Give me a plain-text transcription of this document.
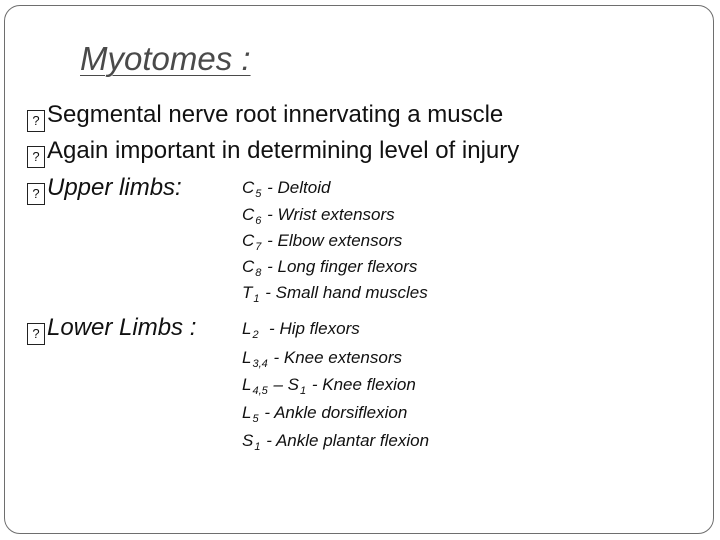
Myotomes :
? Segmental nerve root innervating a muscle
? Again important in determining level of injury
? Upper limbs:
? Lower Limbs :
$C_5$ - Deltoid
$C_6$ - Wrist extensors
$C_7$ - Elbow extensors
$C_8$ - Long finger flexors
$T_1$ - Small hand muscles
$L_2$  - Hip flexors
$L_{3,4}$ - Knee extensors
$L_{4,5} - S_1$ - Knee flexion
$L_5$ - Ankle dorsiflexion
$S_1$ - Ankle plantar flexion
